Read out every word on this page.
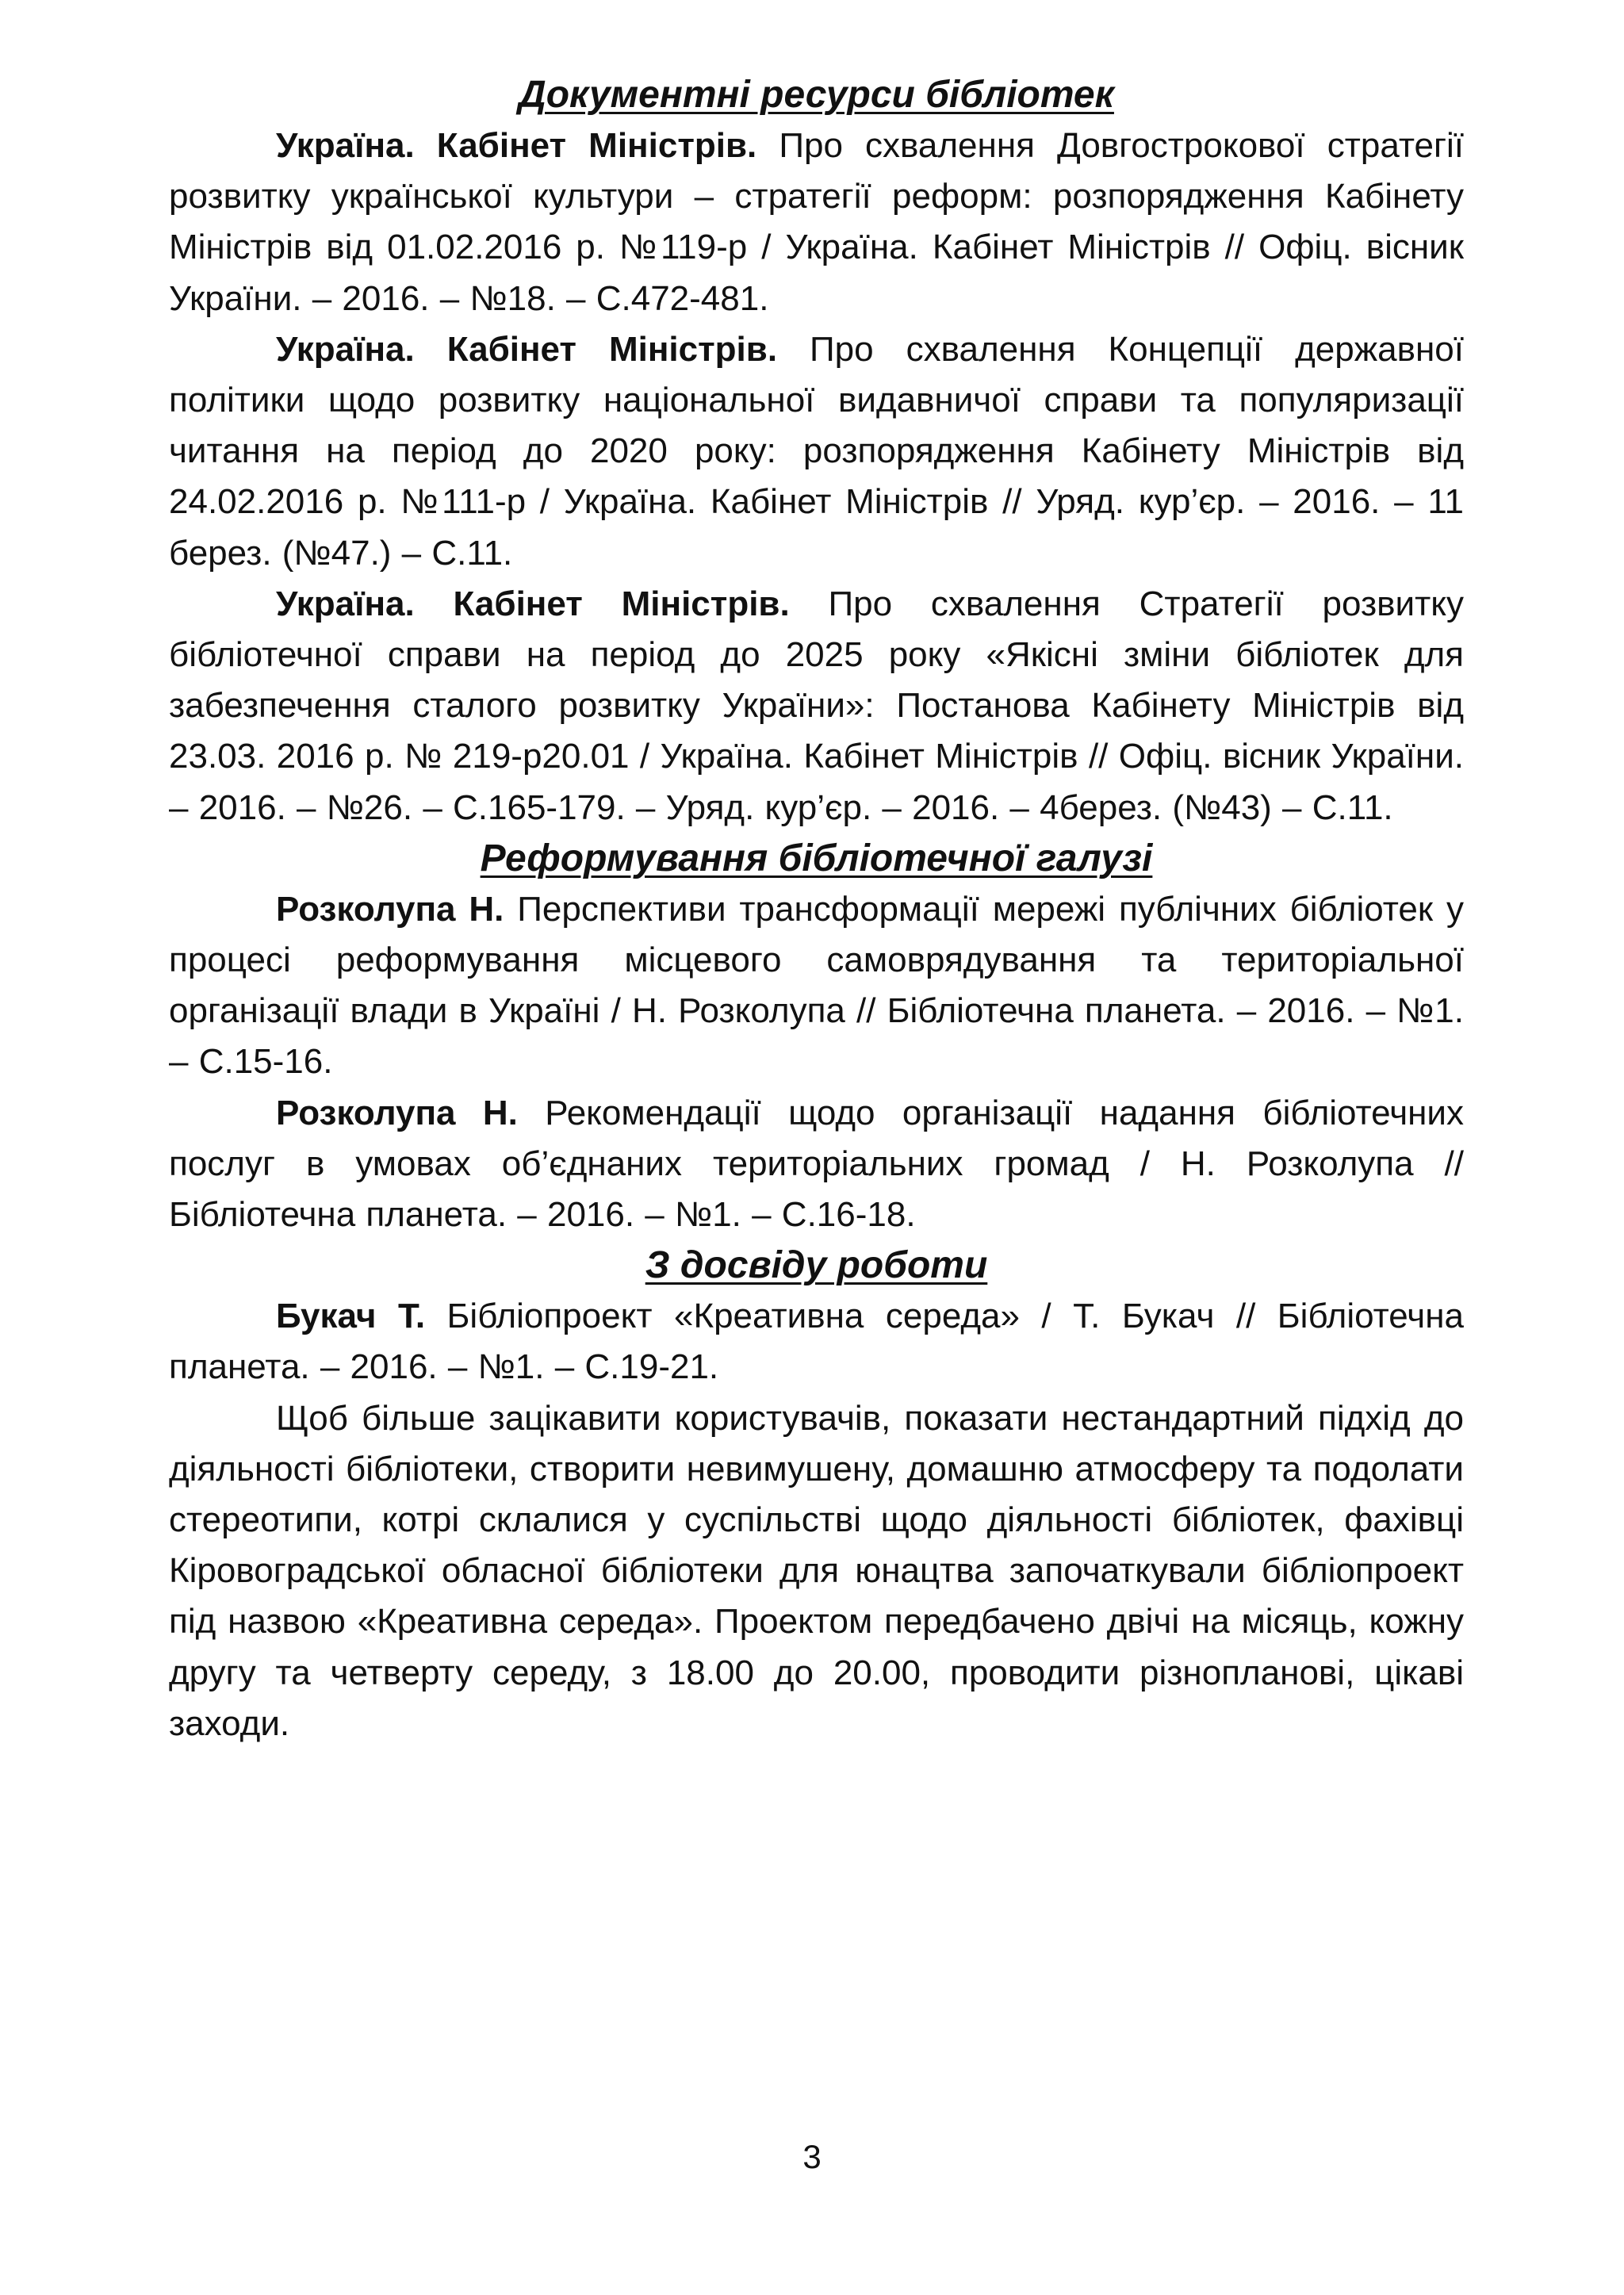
Документні ресурси бібліотек

Україна. Кабінет Міністрів. Про схвалення Довгострокової стратегії розвитку української культури – стратегії реформ: розпорядження Кабінету Міністрів від 01.02.2016 р. №119-р / Україна. Кабінет Міністрів // Офіц. вісник України. – 2016. – №18. – С.472-481.

Україна. Кабінет Міністрів. Про схвалення Концепції державної політики щодо розвитку національної видавничої справи та популяризації читання на період до 2020 року: розпорядження Кабінету Міністрів від 24.02.2016 р. №111-р / Україна. Кабінет Міністрів // Уряд. кур’єр. – 2016. – 11 берез. (№47.) – С.11.

Україна. Кабінет Міністрів. Про схвалення Стратегії розвитку бібліотечної справи на період до 2025 року «Якісні зміни бібліотек для забезпечення сталого розвитку України»: Постанова Кабінету Міністрів від 23.03. 2016 р. № 219-р20.01 / Україна. Кабінет Міністрів // Офіц. вісник України. – 2016. – №26. – С.165-179. – Уряд. кур’єр. – 2016. – 4берез. (№43) – С.11.

Реформування бібліотечної галузі

Розколупа Н. Перспективи трансформації мережі публічних бібліотек у процесі реформування місцевого самоврядування та територіальної організації влади в Україні / Н. Розколупа // Бібліотечна планета. – 2016. – №1. – С.15-16.

Розколупа Н. Рекомендації щодо організації надання бібліотечних послуг в умовах об’єднаних територіальних громад / Н. Розколупа // Бібліотечна планета. – 2016. – №1. – С.16-18.

З досвіду роботи

Букач Т. Бібліопроект «Креативна середа» / Т. Букач // Бібліотечна планета. – 2016. – №1. – С.19-21.

Щоб більше зацікавити користувачів, показати нестандартний підхід до діяльності бібліотеки, створити невимушену, домашню атмосферу та подолати стереотипи, котрі склалися у суспільстві щодо діяльності бібліотек, фахівці Кіровоградської обласної бібліотеки для юнацтва започаткували бібліопроект під назвою «Креативна середа». Проектом передбачено двічі на місяць, кожну другу та четверту середу, з 18.00 до 20.00, проводити різнопланові, цікаві заходи.

3
